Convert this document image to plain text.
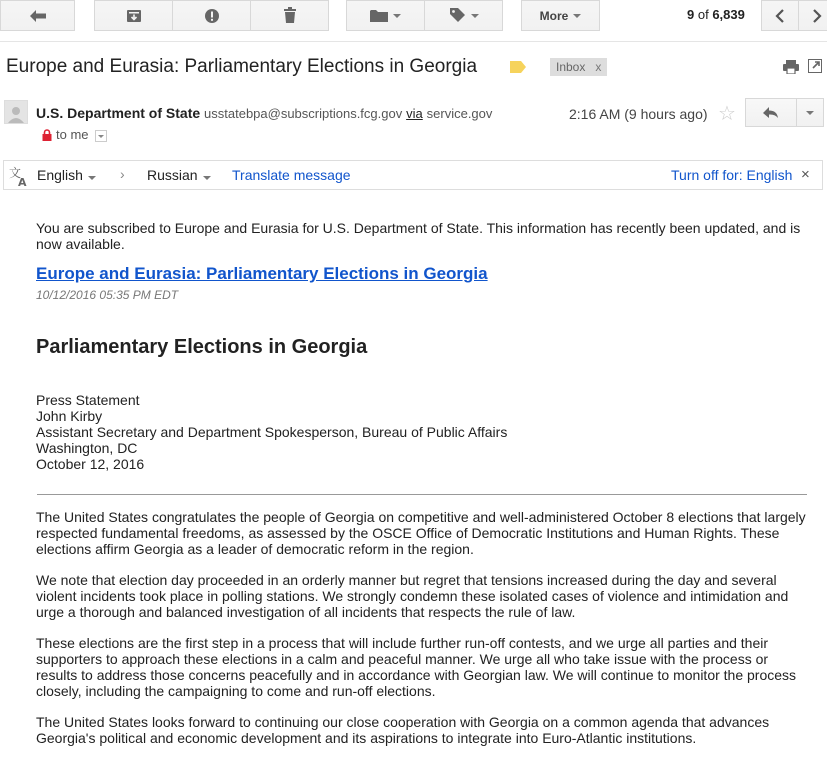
More	9 of 6,839
Europe and Eurasia: Parliamentary Elections in Georgia	Inbox x
U.S. Department of State usstatebpa@subscriptions.fcg.gov via service.gov
to me
2:16 AM (9 hours ago) ☆
文
A English	› Russian	Translate message	Turn off for: English ×

You are subscribed to Europe and Eurasia for U.S. Department of State. This information has recently been updated, and is now available.

Europe and Eurasia: Parliamentary Elections in Georgia
10/12/2016 05:35 PM EDT
Parliamentary Elections in Georgia
Press Statement
John Kirby
Assistant Secretary and Department Spokesperson, Bureau of Public Affairs
Washington, DC
October 12, 2016

The United States congratulates the people of Georgia on competitive and well-administered October 8 elections that largely respected fundamental freedoms, as assessed by the OSCE Office of Democratic Institutions and Human Rights. These elections affirm Georgia as a leader of democratic reform in the region.

We note that election day proceeded in an orderly manner but regret that tensions increased during the day and several violent incidents took place in polling stations. We strongly condemn these isolated cases of violence and intimidation and urge a thorough and balanced investigation of all incidents that respects the rule of law.

These elections are the first step in a process that will include further run-off contests, and we urge all parties and their supporters to approach these elections in a calm and peaceful manner. We urge all who take issue with the process or results to address those concerns peacefully and in accordance with Georgian law. We will continue to monitor the process closely, including the campaigning to come and run-off elections.

The United States looks forward to continuing our close cooperation with Georgia on a common agenda that advances Georgia's political and economic development and its aspirations to integrate into Euro-Atlantic institutions.
